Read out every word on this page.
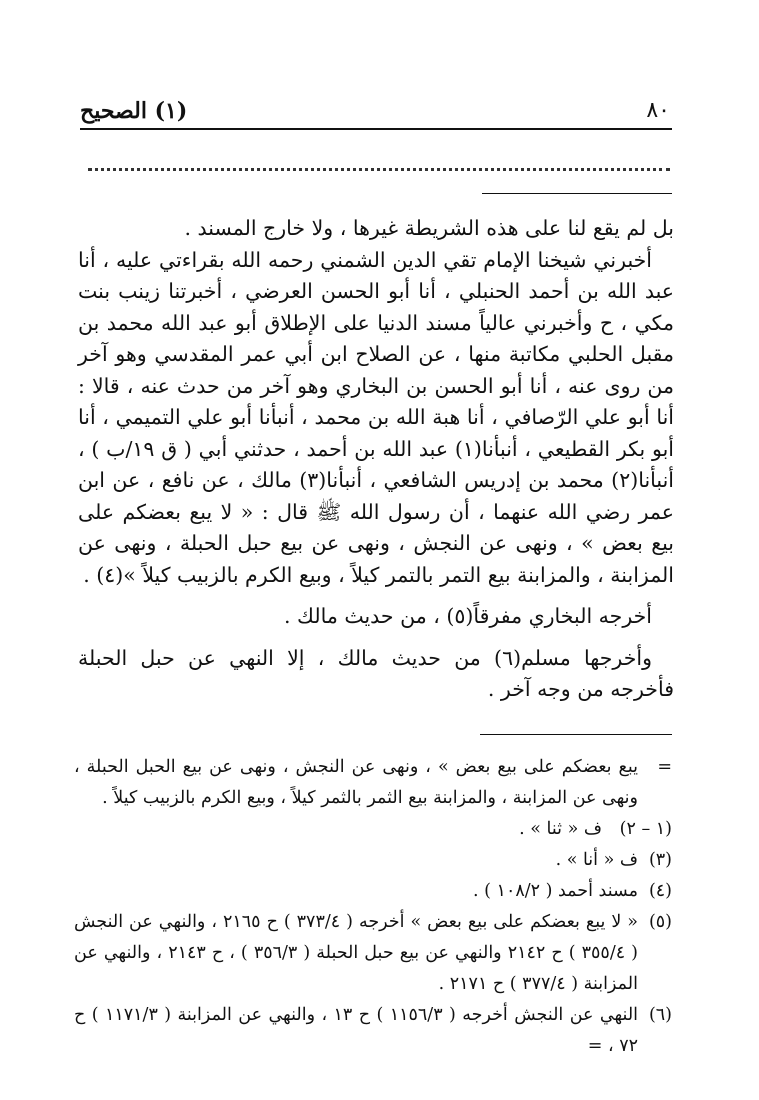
٨٠
(١) الصحيح

بل لم يقع لنا على هذه الشريطة غيرها ، ولا خارج المسند .

أخبرني شيخنا الإمام تقي الدين الشمني رحمه الله بقراءتي عليه ، أنا عبد الله بن أحمد الحنبلي ، أنا أبو الحسن العرضي ، أخبرتنا زينب بنت مكي ، ح وأخبرني عالياً مسند الدنيا على الإطلاق أبو عبد الله محمد بن مقبل الحلبي مكاتبة منها ، عن الصلاح ابن أبي عمر المقدسي وهو آخر من روى عنه ، أنا أبو الحسن بن البخاري وهو آخر من حدث عنه ، قالا : أنا أبو علي الرّصافي ، أنا هبة الله بن محمد ، أنبأنا أبو علي التميمي ، أنا أبو بكر القطيعي ، أنبأنا(١) عبد الله بن أحمد ، حدثني أبي ( ق ١٩/ب ) ، أنبأنا(٢) محمد بن إدريس الشافعي ، أنبأنا(٣) مالك ، عن نافع ، عن ابن عمر رضي الله عنهما ، أن رسول الله ﷺ قال : « لا يبع بعضكم على بيع بعض » ، ونهى عن النجش ، ونهى عن بيع حبل الحبلة ، ونهى عن المزابنة ، والمزابنة بيع التمر بالتمر كيلاً ، وبيع الكرم بالزبيب كيلاً »(٤) .

أخرجه البخاري مفرقاً(٥) ، من حديث مالك .

وأخرجها مسلم(٦) من حديث مالك ، إلا النهي عن حبل الحبلة فأخرجه من وجه آخر .

=
يبع بعضكم على بيع بعض » ، ونهى عن النجش ، ونهى عن بيع الحبل الحبلة ، ونهى عن المزابنة ، والمزابنة بيع الثمر بالثمر كيلاً ، وبيع الكرم بالزبيب كيلاً .
(١ – ٢)
ف « ثنا » .
(٣)
ف « أنا » .
(٤)
مسند أحمد ( ١٠٨/٢ ) .
(٥)
« لا يبع بعضكم على بيع بعض » أخرجه ( ٣٧٣/٤ ) ح ٢١٦٥ ، والنهي عن النجش ( ٣٥٥/٤ ) ح ٢١٤٢ والنهي عن بيع حبل الحبلة ( ٣٥٦/٣ ) ، ح ٢١٤٣ ، والنهي عن المزابنة ( ٣٧٧/٤ ) ح ٢١٧١ .
(٦)
النهي عن النجش أخرجه ( ١١٥٦/٣ ) ح ١٣ ، والنهي عن المزابنة ( ١١٧١/٣ ) ح ٧٢ ، =
